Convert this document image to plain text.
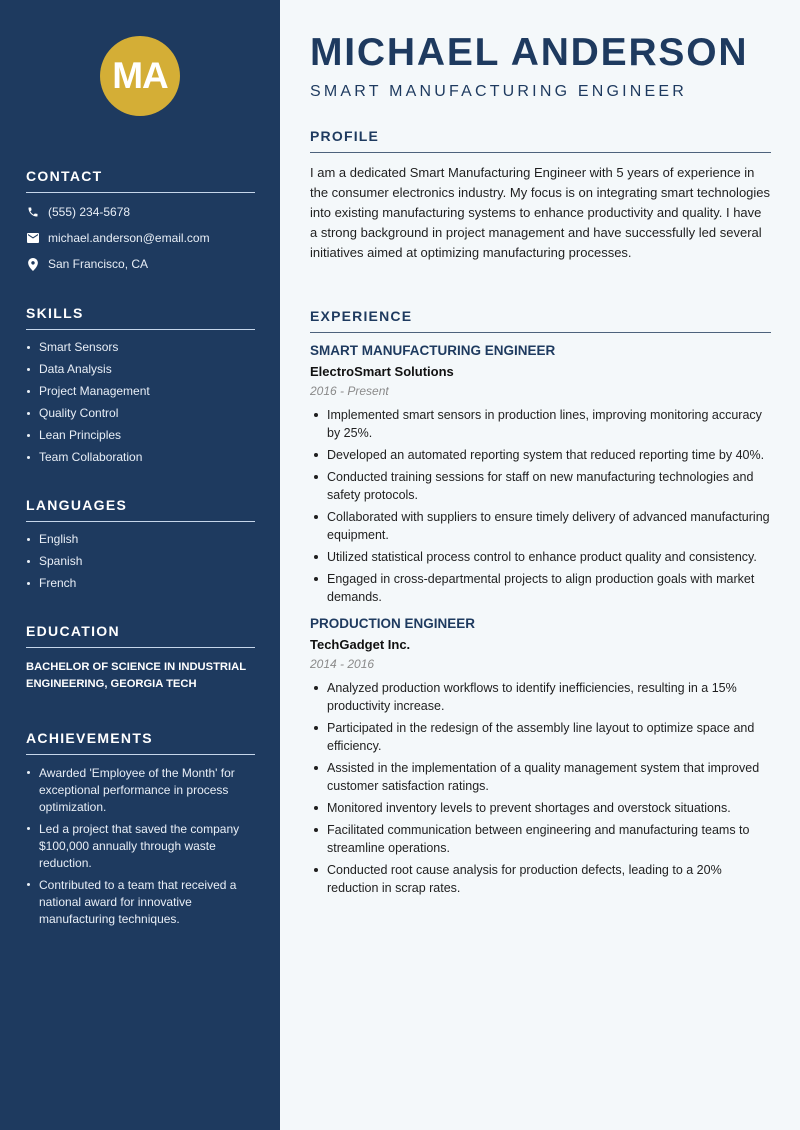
MA
CONTACT
(555) 234-5678
michael.anderson@email.com
San Francisco, CA
SKILLS
Smart Sensors
Data Analysis
Project Management
Quality Control
Lean Principles
Team Collaboration
LANGUAGES
English
Spanish
French
EDUCATION
BACHELOR OF SCIENCE IN INDUSTRIAL ENGINEERING, GEORGIA TECH
ACHIEVEMENTS
Awarded 'Employee of the Month' for exceptional performance in process optimization.
Led a project that saved the company $100,000 annually through waste reduction.
Contributed to a team that received a national award for innovative manufacturing techniques.
MICHAEL ANDERSON
SMART MANUFACTURING ENGINEER
PROFILE

I am a dedicated Smart Manufacturing Engineer with 5 years of experience in the consumer electronics industry. My focus is on integrating smart technologies into existing manufacturing systems to enhance productivity and quality. I have a strong background in project management and have successfully led several initiatives aimed at optimizing manufacturing processes.

EXPERIENCE
SMART MANUFACTURING ENGINEER
ElectroSmart Solutions
2016 - Present
Implemented smart sensors in production lines, improving monitoring accuracy by 25%.
Developed an automated reporting system that reduced reporting time by 40%.
Conducted training sessions for staff on new manufacturing technologies and safety protocols.
Collaborated with suppliers to ensure timely delivery of advanced manufacturing equipment.
Utilized statistical process control to enhance product quality and consistency.
Engaged in cross-departmental projects to align production goals with market demands.
PRODUCTION ENGINEER
TechGadget Inc.
2014 - 2016
Analyzed production workflows to identify inefficiencies, resulting in a 15% productivity increase.
Participated in the redesign of the assembly line layout to optimize space and efficiency.
Assisted in the implementation of a quality management system that improved customer satisfaction ratings.
Monitored inventory levels to prevent shortages and overstock situations.
Facilitated communication between engineering and manufacturing teams to streamline operations.
Conducted root cause analysis for production defects, leading to a 20% reduction in scrap rates.
